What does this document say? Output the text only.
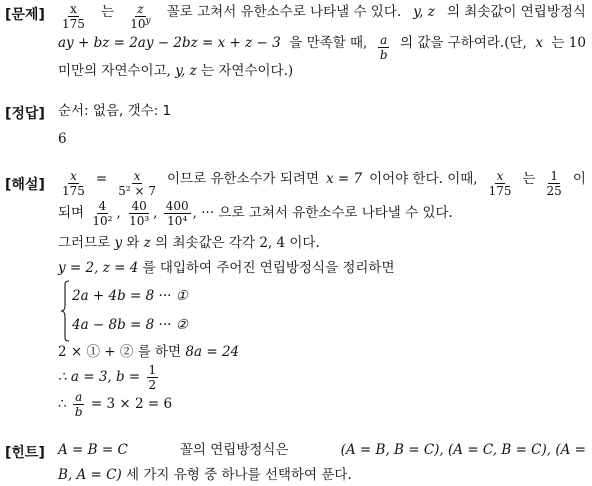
[문제] x
175
는 z
10$^y$
꼴로 고쳐서 유한소수로 나타낼 수 있다. y, z 의 최솟값이 연립방정식
ay + bz = 2ay − 2bz = x + z − 3 을 만족할 때, a
b
의 값을 구하여라.(단, x 는 10
미만의 자연수이고, y, z 는 자연수이다.)
[정답] 순서: 없음, 갯수: 1
6
[해설] $\frac{x}{175} = \frac{x}{\text{5² × 7}}$ 이므로 유한소수가 되려면 x = 7 이어야 한다. 이때, x
175
는 1
25
이
되며 $\frac{4}{\text{10²}}$ , $\frac{40}{\text{10³}}$ , $\frac{400}{\text{10⁴}}$ , ··· 으로 고쳐서 유한소수로 나타낼 수 있다.
그러므로 y 와 z 의 최솟값은 각각 2, 4 이다.
y = 2, z = 4 를 대입하여 주어진 연립방정식을 정리하면
2a + 4b = 8 ··· ①
4a − 8b = 8 ··· ②
2 × ① + ② 를 하면 8a = 24
∴ a = 3, $b = \frac{1}{2}$
∴ $\frac{a}{b} = 3 \times 2 = 6$
[힌트] A = B = C	꼴의 연립방정식은	(A = B, B = C), (A = C, B = C), (A =
B, A = C) 세 가지 유형 중 하나를 선택하여 푼다.
